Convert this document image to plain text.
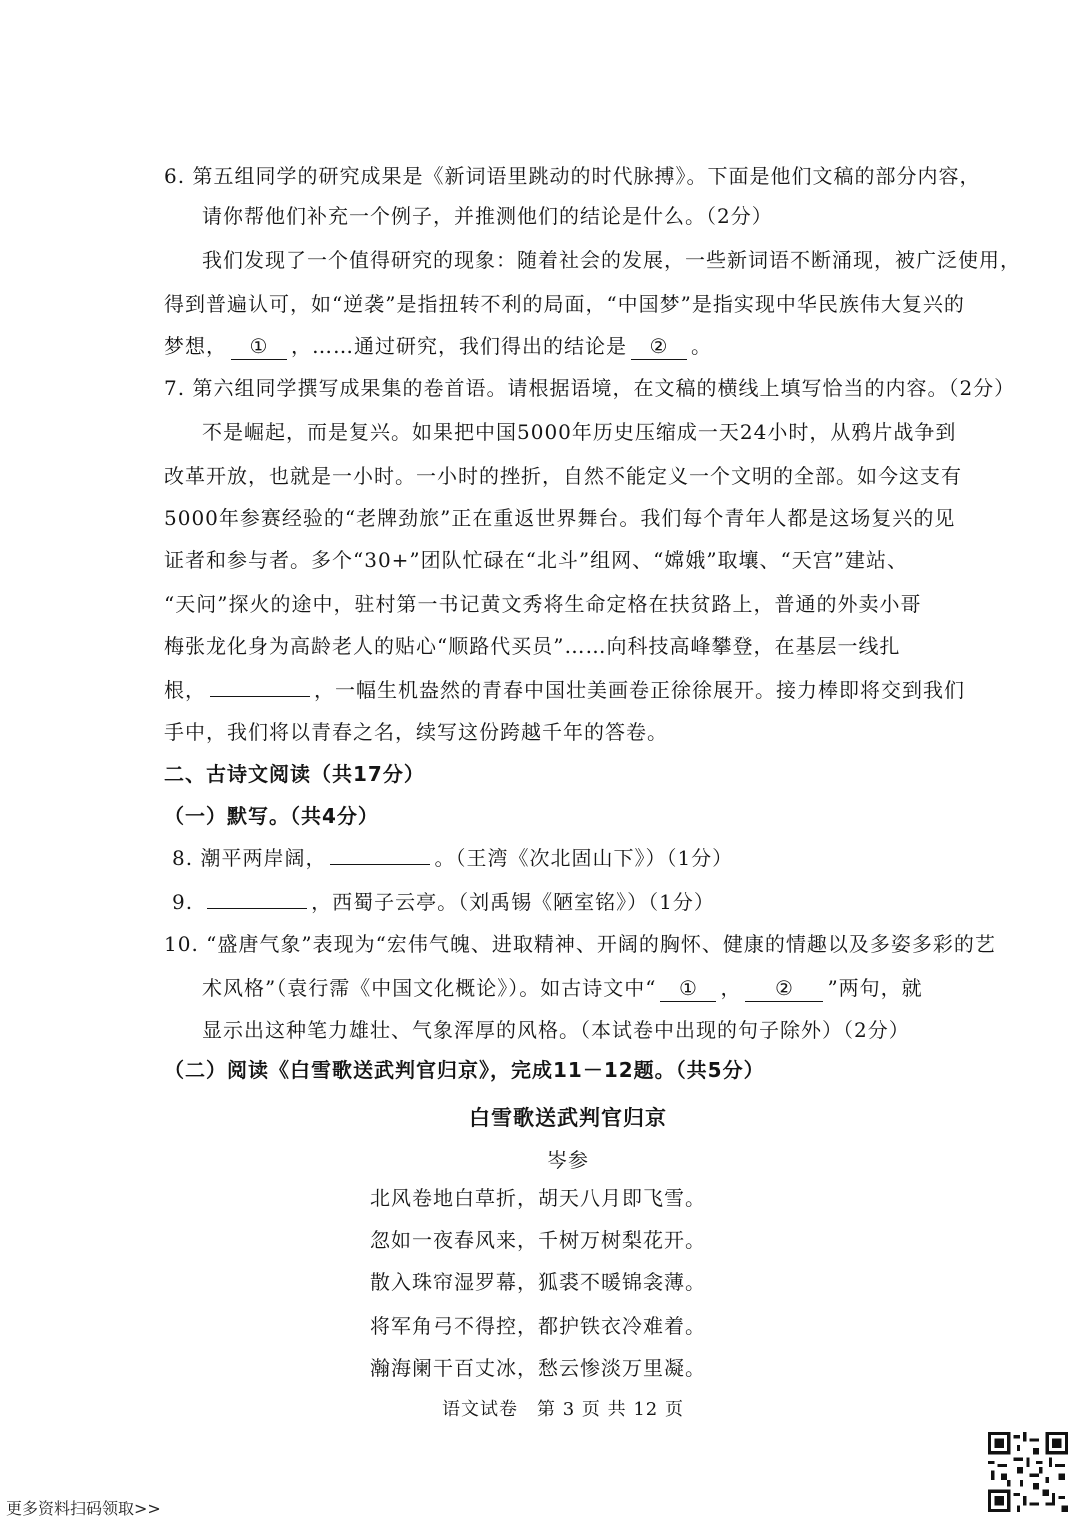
6. 第五组同学的研究成果是《新词语里跳动的时代脉搏》。下面是他们文稿的部分内容，
请你帮他们补充一个例子，并推测他们的结论是什么。（2分）
我们发现了一个值得研究的现象：随着社会的发展，一些新词语不断涌现，被广泛使用，
得到普遍认可，如“逆袭”是指扭转不利的局面，“中国梦”是指实现中华民族伟大复兴的
梦想， ① ，……通过研究，我们得出的结论是 ② 。
7. 第六组同学撰写成果集的卷首语。请根据语境，在文稿的横线上填写恰当的内容。（2分）
不是崛起，而是复兴。如果把中国5000年历史压缩成一天24小时，从鸦片战争到
改革开放，也就是一小时。一小时的挫折，自然不能定义一个文明的全部。如今这支有
5000年参赛经验的“老牌劲旅”正在重返世界舞台。我们每个青年人都是这场复兴的见
证者和参与者。多个“30+”团队忙碌在“北斗”组网、“嫦娥”取壤、“天宫”建站、
“天问”探火的途中，驻村第一书记黄文秀将生命定格在扶贫路上，普通的外卖小哥
梅张龙化身为高龄老人的贴心“顺路代买员”……向科技高峰攀登，在基层一线扎
根，	，一幅生机盎然的青春中国壮美画卷正徐徐展开。接力棒即将交到我们
手中，我们将以青春之名，续写这份跨越千年的答卷。
二、古诗文阅读（共17分）
（一）默写。（共4分）
8. 潮平两岸阔，	。（王湾《次北固山下》）（1分）
9.	，西蜀子云亭。（刘禹锡《陋室铭》）（1分）
10. “盛唐气象”表现为“宏伟气魄、进取精神、开阔的胸怀、健康的情趣以及多姿多彩的艺
术风格”（袁行霈《中国文化概论》）。如古诗文中“ ① ， ② ”两句，就
显示出这种笔力雄壮、气象浑厚的风格。（本试卷中出现的句子除外）（2分）
（二）阅读《白雪歌送武判官归京》，完成11－12题。（共5分）
白雪歌送武判官归京
岑参
北风卷地白草折，胡天八月即飞雪。
忽如一夜春风来，千树万树梨花开。
散入珠帘湿罗幕，狐裘不暖锦衾薄。
将军角弓不得控，都护铁衣冷难着。
瀚海阑干百丈冰，愁云惨淡万里凝。
语文试卷　第 3 页 共 12 页
更多资料扫码领取>>
